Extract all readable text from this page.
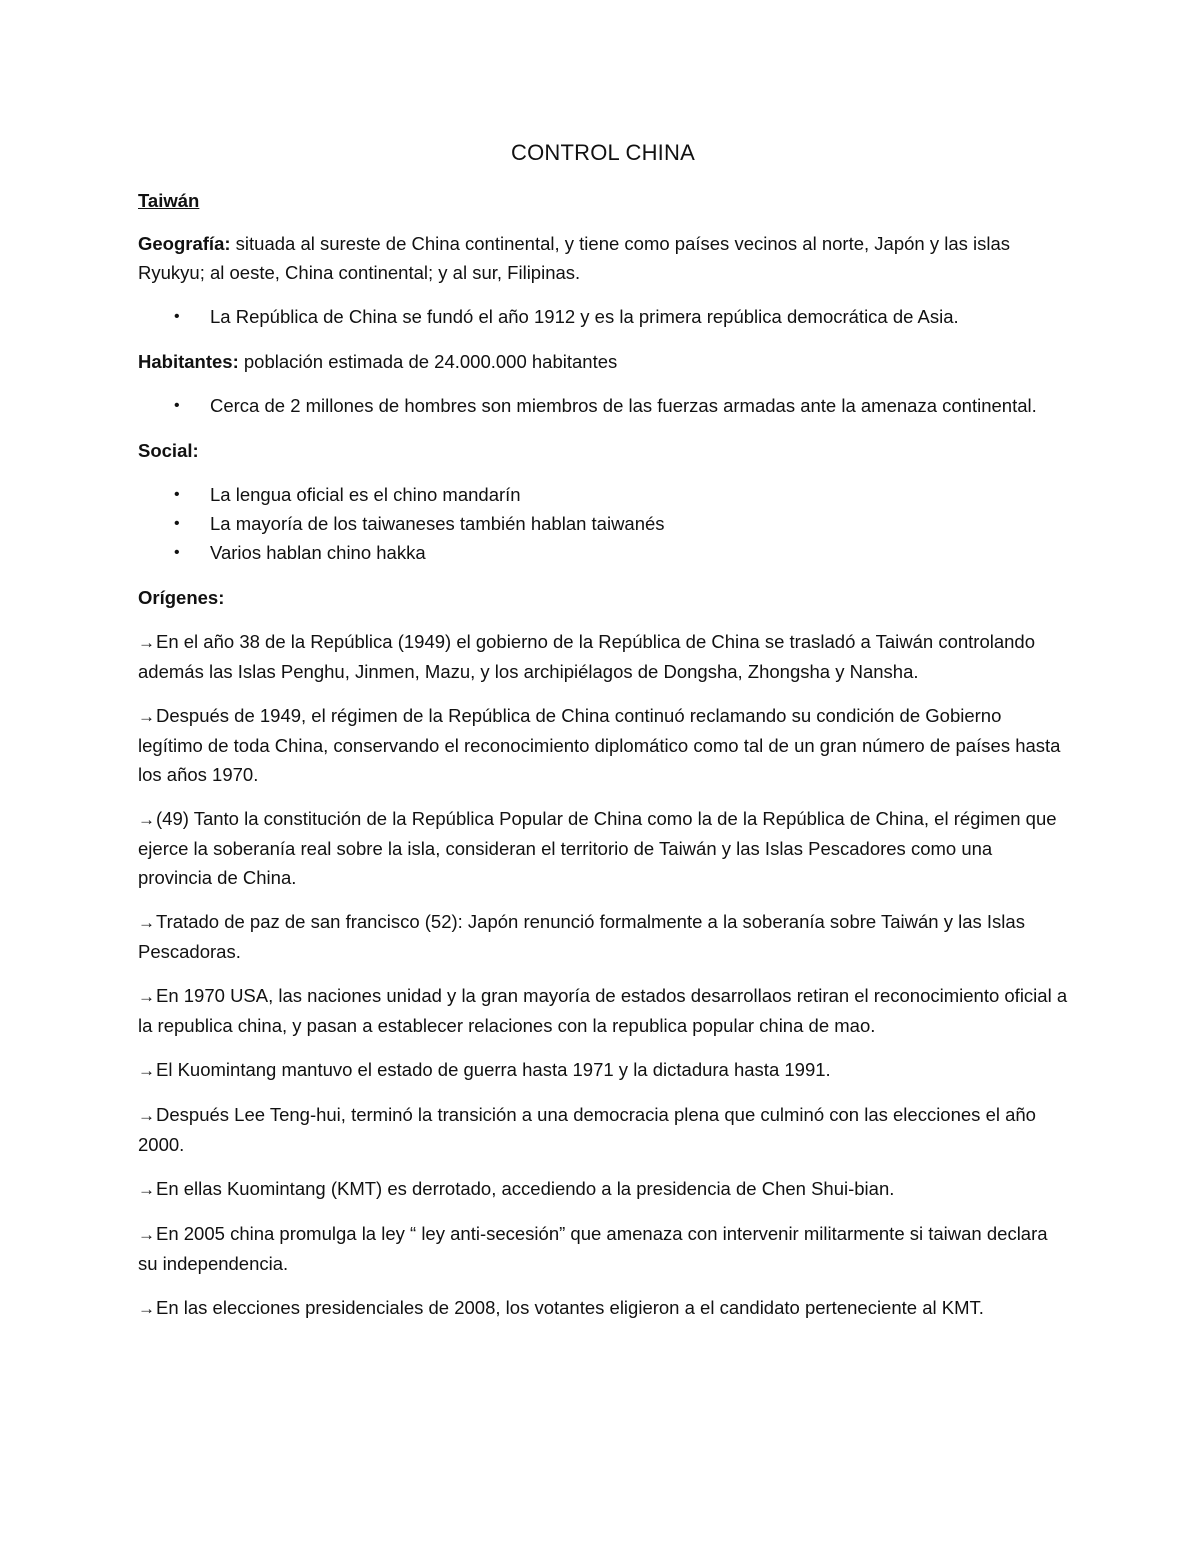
CONTROL CHINA
Taiwán

Geografía: situada al sureste de China continental, y tiene como países vecinos al norte, Japón y las islas Ryukyu; al oeste, China continental; y al sur, Filipinas.

• La República de China se fundó el año 1912 y es la primera república democrática de Asia.

Habitantes: población estimada de 24.000.000 habitantes

• Cerca de 2 millones de hombres son miembros de las fuerzas armadas ante la amenaza continental.

Social:

• La lengua oficial es el chino mandarín
• La mayoría de los taiwaneses también hablan taiwanés
• Varios hablan chino hakka

Orígenes:

→En el año 38 de la República (1949) el gobierno de la República de China se trasladó a Taiwán controlando además las Islas Penghu, Jinmen, Mazu, y los archipiélagos de Dongsha, Zhongsha y Nansha.

→Después de 1949, el régimen de la República de China continuó reclamando su condición de Gobierno legítimo de toda China, conservando el reconocimiento diplomático como tal de un gran número de países hasta los años 1970.

→(49) Tanto la constitución de la República Popular de China como la de la República de China, el régimen que ejerce la soberanía real sobre la isla, consideran el territorio de Taiwán y las Islas Pescadores como una provincia de China.

→Tratado de paz de san francisco (52): Japón renunció formalmente a la soberanía sobre Taiwán y las Islas Pescadoras.

→En 1970 USA, las naciones unidad y la gran mayoría de estados desarrollaos retiran el reconocimiento oficial a la republica china, y pasan a establecer relaciones con la republica popular china de mao.

→El Kuomintang mantuvo el estado de guerra hasta 1971 y la dictadura hasta 1991.

→Después Lee Teng-hui, terminó la transición a una democracia plena que culminó con las elecciones el año 2000.

→En ellas Kuomintang (KMT) es derrotado, accediendo a la presidencia de Chen Shui-bian.

→En 2005 china promulga la ley “ ley anti-secesión” que amenaza con intervenir militarmente si taiwan declara su independencia.

→En las elecciones presidenciales de 2008, los votantes eligieron a el candidato perteneciente al KMT.
